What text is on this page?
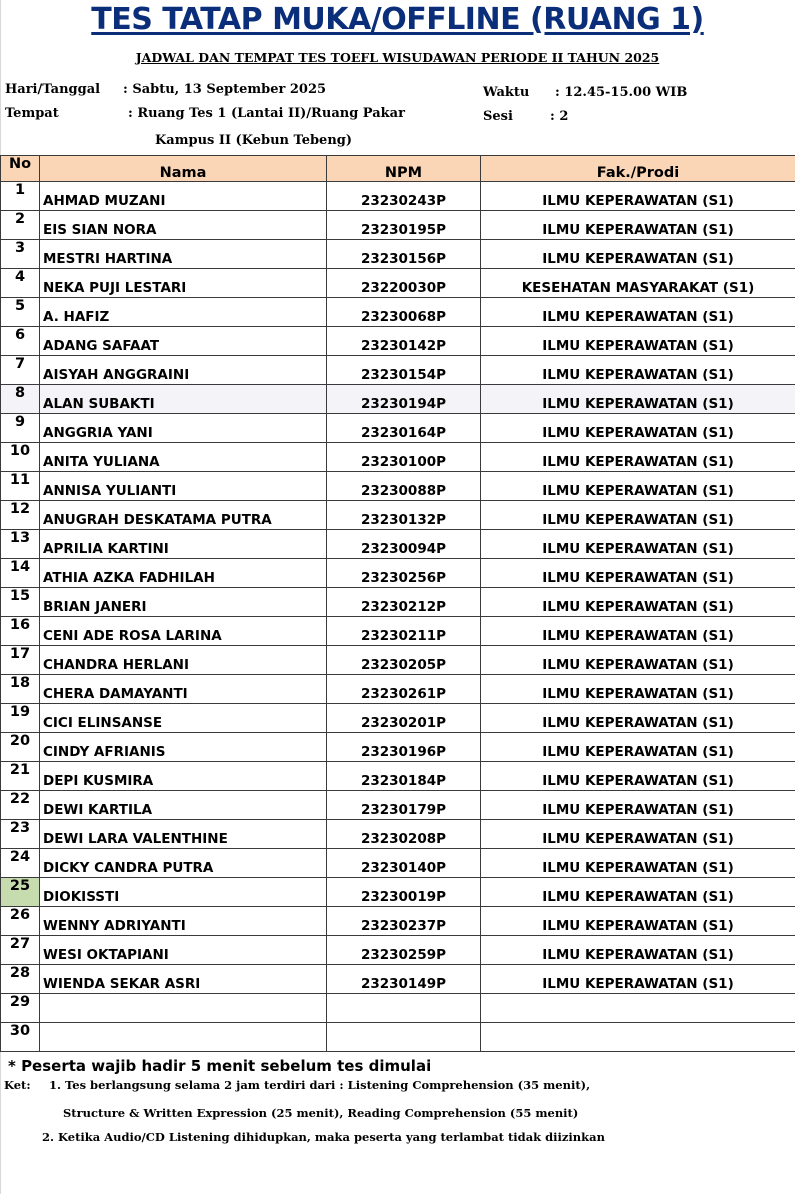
TES TATAP MUKA/OFFLINE (RUANG 1)
JADWAL DAN TEMPAT TES TOEFL WISUDAWAN PERIODE II TAHUN 2025
Hari/Tanggal : Sabtu, 13 September 2025
Tempat	: Ruang Tes 1 (Lantai II)/Ruang Pakar
Kampus II (Kebun Tebeng)
Waktu : 12.45-15.00 WIB
Sesi	: 2
No	Nama	NPM	Fak./Prodi
1	AHMAD MUZANI	23230243P	ILMU KEPERAWATAN (S1)
2	EIS SIAN NORA	23230195P	ILMU KEPERAWATAN (S1)
3	MESTRI HARTINA	23230156P	ILMU KEPERAWATAN (S1)
4	NEKA PUJI LESTARI	23220030P	KESEHATAN MASYARAKAT (S1)
5	A. HAFIZ	23230068P	ILMU KEPERAWATAN (S1)
6	ADANG SAFAAT	23230142P	ILMU KEPERAWATAN (S1)
7	AISYAH ANGGRAINI	23230154P	ILMU KEPERAWATAN (S1)
8	ALAN SUBAKTI	23230194P	ILMU KEPERAWATAN (S1)
9	ANGGRIA YANI	23230164P	ILMU KEPERAWATAN (S1)
10	ANITA YULIANA	23230100P	ILMU KEPERAWATAN (S1)
11	ANNISA YULIANTI	23230088P	ILMU KEPERAWATAN (S1)
12	ANUGRAH DESKATAMA PUTRA	23230132P	ILMU KEPERAWATAN (S1)
13	APRILIA KARTINI	23230094P	ILMU KEPERAWATAN (S1)
14	ATHIA AZKA FADHILAH	23230256P	ILMU KEPERAWATAN (S1)
15	BRIAN JANERI	23230212P	ILMU KEPERAWATAN (S1)
16	CENI ADE ROSA LARINA	23230211P	ILMU KEPERAWATAN (S1)
17	CHANDRA HERLANI	23230205P	ILMU KEPERAWATAN (S1)
18	CHERA DAMAYANTI	23230261P	ILMU KEPERAWATAN (S1)
19	CICI ELINSANSE	23230201P	ILMU KEPERAWATAN (S1)
20	CINDY AFRIANIS	23230196P	ILMU KEPERAWATAN (S1)
21	DEPI KUSMIRA	23230184P	ILMU KEPERAWATAN (S1)
22	DEWI KARTILA	23230179P	ILMU KEPERAWATAN (S1)
23	DEWI LARA VALENTHINE	23230208P	ILMU KEPERAWATAN (S1)
24	DICKY CANDRA PUTRA	23230140P	ILMU KEPERAWATAN (S1)
25	DIOKISSTI	23230019P	ILMU KEPERAWATAN (S1)
26	WENNY ADRIYANTI	23230237P	ILMU KEPERAWATAN (S1)
27	WESI OKTAPIANI	23230259P	ILMU KEPERAWATAN (S1)
28	WIENDA SEKAR ASRI	23230149P	ILMU KEPERAWATAN (S1)
29			
30			
* Peserta wajib hadir 5 menit sebelum tes dimulai
Ket: 1. Tes berlangsung selama 2 jam terdiri dari : Listening Comprehension (35 menit),
Structure & Written Expression (25 menit), Reading Comprehension (55 menit)
2. Ketika Audio/CD Listening dihidupkan, maka peserta yang terlambat tidak diizinkan
